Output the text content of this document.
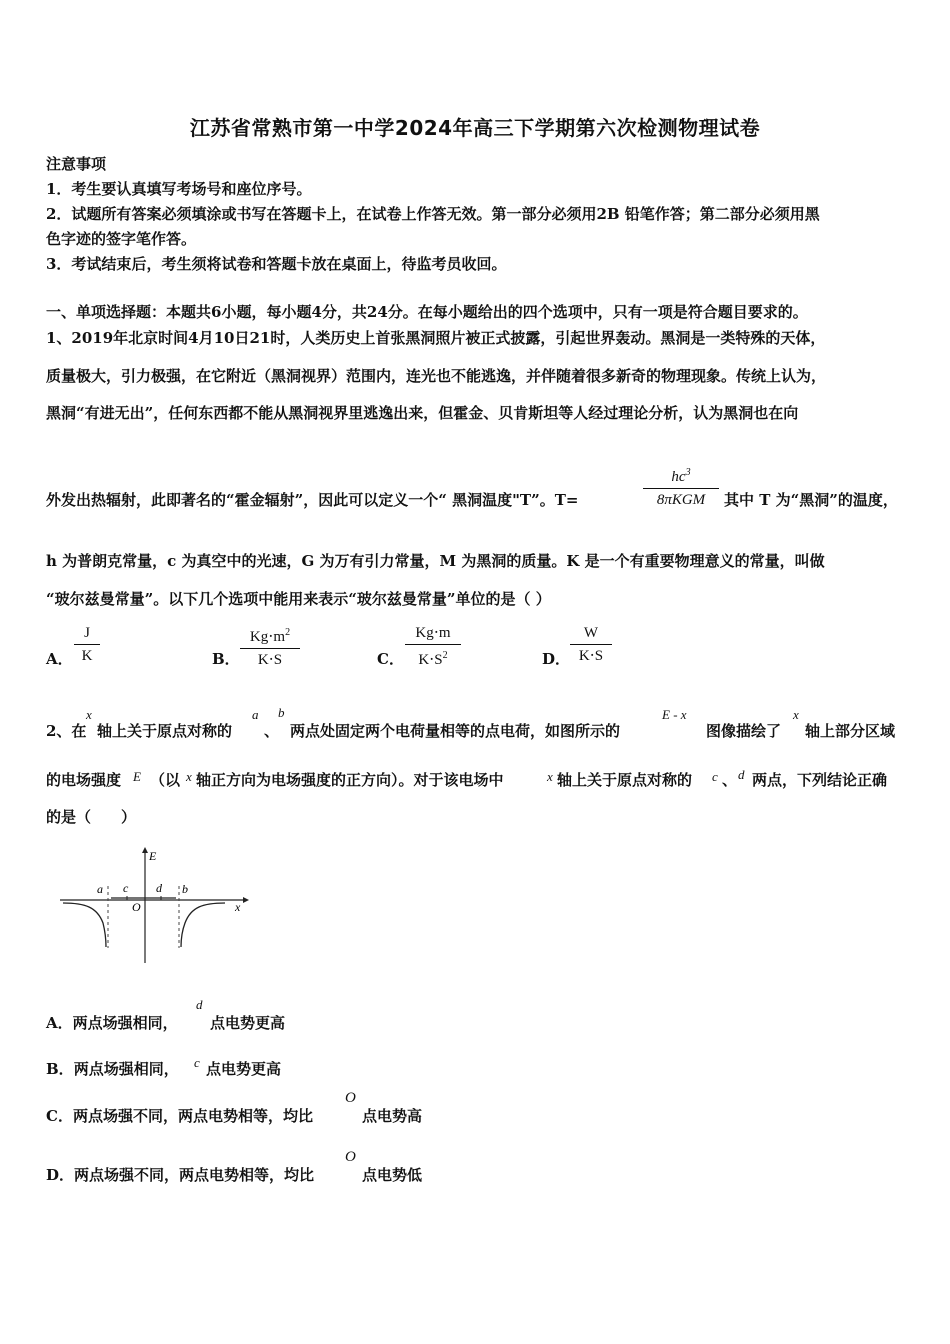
江苏省常熟市第一中学2024年高三下学期第六次检测物理试卷
注意事项
1．考生要认真填写考场号和座位序号。
2．试题所有答案必须填涂或书写在答题卡上，在试卷上作答无效。第一部分必须用2B 铅笔作答；第二部分必须用黑
色字迹的签字笔作答。
3．考试结束后，考生须将试卷和答题卡放在桌面上，待监考员收回。
一、单项选择题：本题共6小题，每小题4分，共24分。在每小题给出的四个选项中，只有一项是符合题目要求的。
1、2019年北京时间4月10日21时，人类历史上首张黑洞照片被正式披露，引起世界轰动。黑洞是一类特殊的天体，
质量极大，引力极强，在它附近（黑洞视界）范围内，连光也不能逃逸，并伴随着很多新奇的物理现象。传统上认为，
黑洞“有进无出”，任何东西都不能从黑洞视界里逃逸出来，但霍金、贝肯斯坦等人经过理论分析，认为黑洞也在向
外发出热辐射，此即著名的“霍金辐射”，因此可以定义一个“ 黑洞温度"T”。T=
$hc^3$
8πKGM	其中 T 为“黑洞”的温度，
h 为普朗克常量，c 为真空中的光速，G 为万有引力常量，M 为黑洞的质量。K 是一个有重要物理意义的常量，叫做
“玻尔兹曼常量”。以下几个选项中能用来表示“玻尔兹曼常量”单位的是（ ）
A．
J
K	B．
$Kg\cdot m^2$
K⋅S	C．
Kg⋅m
$K\cdot S^2$	D．
W
K⋅S
2、在
x
轴上关于原点对称的
a
、
b
两点处固定两个电荷量相等的点电荷，如图所示的
E - x
图像描绘了
x
轴上部分区域
的电场强度 E （以 x 轴正方向为电场强度的正方向）。对于该电场中	x 轴上关于原点对称的 c 、 d 两点，下列结论正确
的是（　　）
E
x
O
a	b
c d
A．两点场强相同，
d
点电势更高
B．两点场强相同， c 点电势更高
C．两点场强不同，两点电势相等，均比
O
点电势高
D．两点场强不同，两点电势相等，均比
O
点电势低
